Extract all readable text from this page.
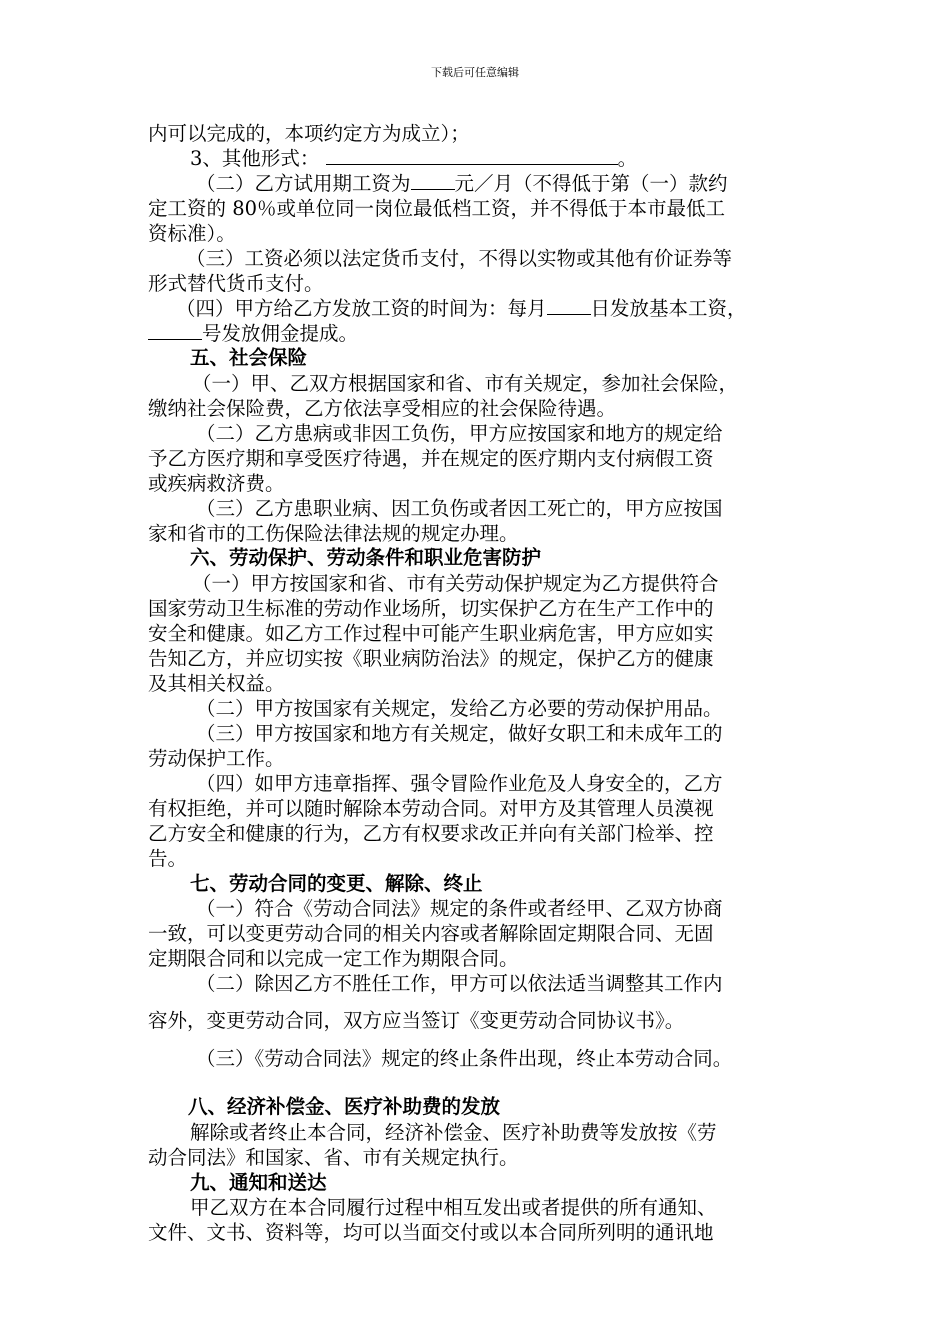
下载后可任意编辑
内可以完成的，本项约定方为成立）；
3、其他形式：	。
（二）乙方试用期工资为 元／月（不得低于第（一）款约
定工资的 80％或单位同一岗位最低档工资，并不得低于本市最低工
资标准）。
（三）工资必须以法定货币支付，不得以实物或其他有价证券等
形式替代货币支付。
（四）甲方给乙方发放工资的时间为：每月 日发放基本工资，
号发放佣金提成。
五、社会保险
（一）甲、乙双方根据国家和省、市有关规定，参加社会保险，
缴纳社会保险费，乙方依法享受相应的社会保险待遇。
（二）乙方患病或非因工负伤，甲方应按国家和地方的规定给
予乙方医疗期和享受医疗待遇，并在规定的医疗期内支付病假工资
或疾病救济费。
（三）乙方患职业病、因工负伤或者因工死亡的，甲方应按国
家和省市的工伤保险法律法规的规定办理。
六、劳动保护、劳动条件和职业危害防护
（一）甲方按国家和省、市有关劳动保护规定为乙方提供符合
国家劳动卫生标准的劳动作业场所，切实保护乙方在生产工作中的
安全和健康。如乙方工作过程中可能产生职业病危害，甲方应如实
告知乙方，并应切实按《职业病防治法》的规定，保护乙方的健康
及其相关权益。
（二）甲方按国家有关规定，发给乙方必要的劳动保护用品。
（三）甲方按国家和地方有关规定，做好女职工和未成年工的
劳动保护工作。
（四）如甲方违章指挥、强令冒险作业危及人身安全的，乙方
有权拒绝，并可以随时解除本劳动合同。对甲方及其管理人员漠视
乙方安全和健康的行为，乙方有权要求改正并向有关部门检举、控
告。
七、劳动合同的变更、解除、终止
（一）符合《劳动合同法》规定的条件或者经甲、乙双方协商
一致，可以变更劳动合同的相关内容或者解除固定期限合同、无固
定期限合同和以完成一定工作为期限合同。
（二）除因乙方不胜任工作，甲方可以依法适当调整其工作内
容外，变更劳动合同，双方应当签订《变更劳动合同协议书》。
（三）《劳动合同法》规定的终止条件出现，终止本劳动合同。
八、经济补偿金、医疗补助费的发放
解除或者终止本合同，经济补偿金、医疗补助费等发放按《劳
动合同法》和国家、省、市有关规定执行。
九、通知和送达
甲乙双方在本合同履行过程中相互发出或者提供的所有通知、
文件、文书、资料等，均可以当面交付或以本合同所列明的通讯地
